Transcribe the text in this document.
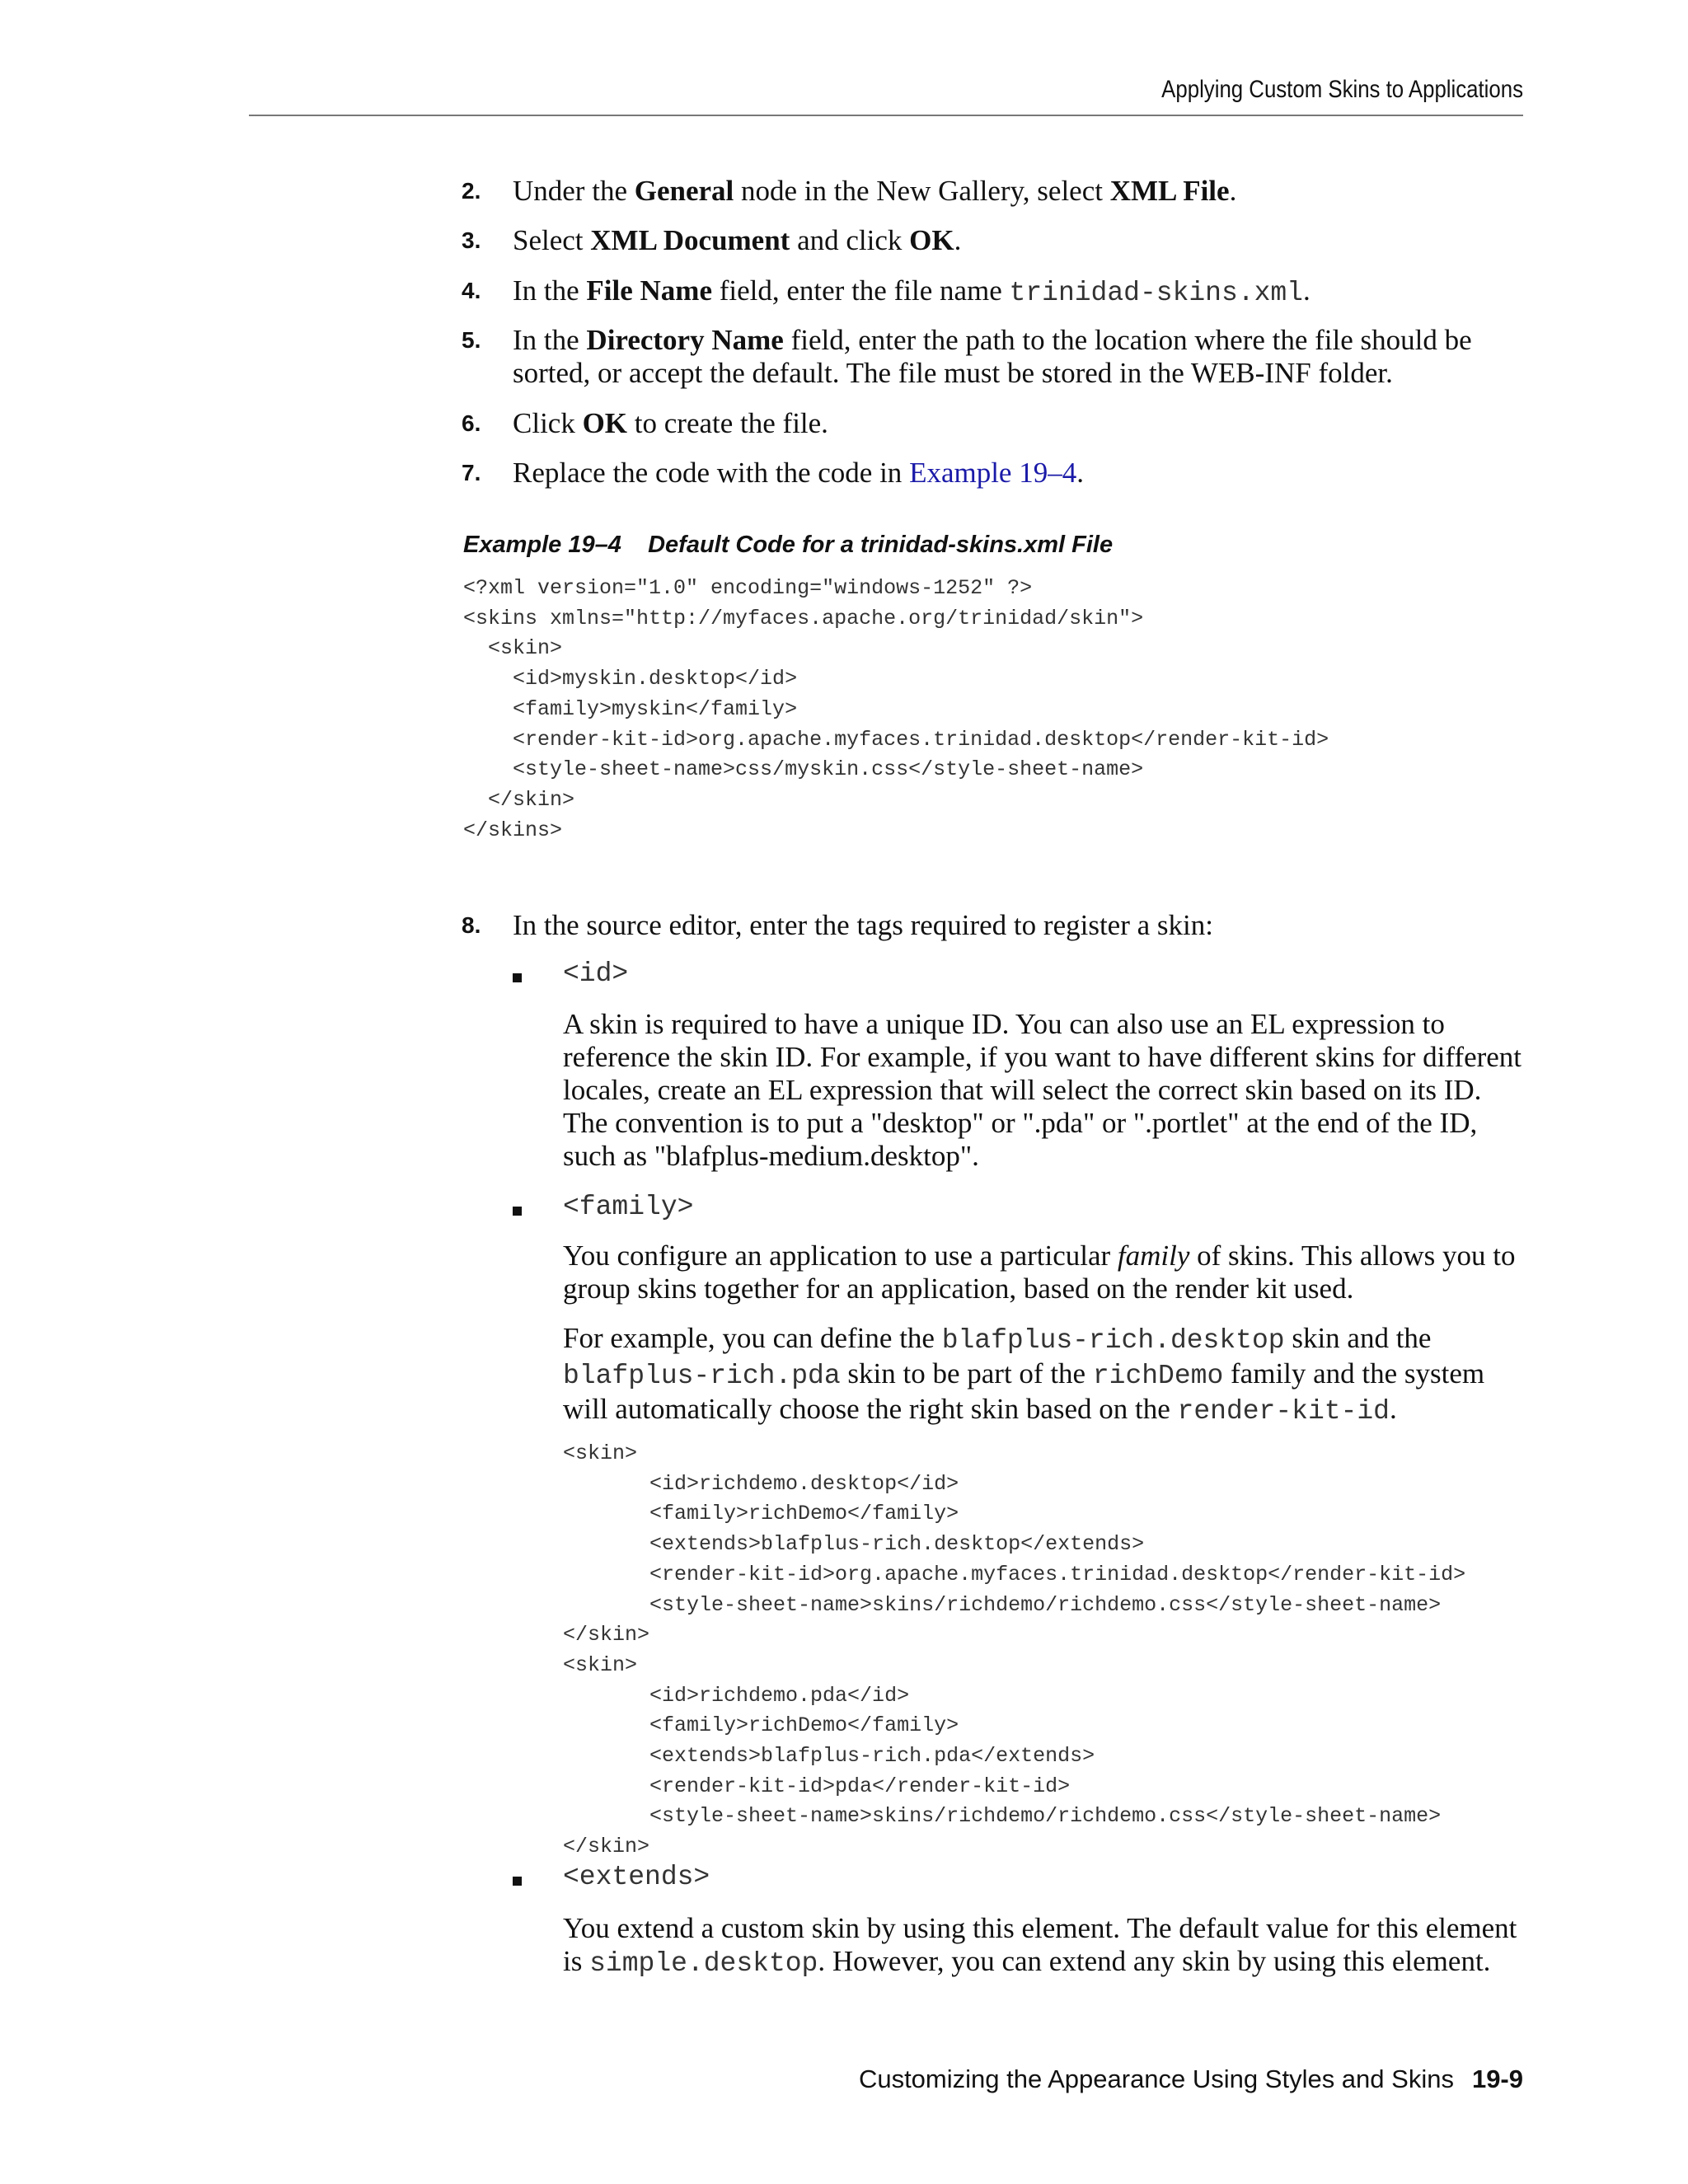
Applying Custom Skins to Applications
2. Under the General node in the New Gallery, select XML File.
3. Select XML Document and click OK.
4. In the File Name field, enter the file name trinidad-skins.xml.
5. In the Directory Name field, enter the path to the location where the file should be sorted, or accept the default. The file must be stored in the WEB-INF folder.
6. Click OK to create the file.
7. Replace the code with the code in Example 19–4.
Example 19–4 Default Code for a trinidad-skins.xml File
<?xml version="1.0" encoding="windows-1252" ?>
<skins xmlns="http://myfaces.apache.org/trinidad/skin">
<skin>
<id>myskin.desktop</id>
<family>myskin</family>
<render-kit-id>org.apache.myfaces.trinidad.desktop</render-kit-id>
<style-sheet-name>css/myskin.css</style-sheet-name>
</skin>
</skins>
8. In the source editor, enter the tags required to register a skin:
<id>
A skin is required to have a unique ID. You can also use an EL expression to reference the skin ID. For example, if you want to have different skins for different locales, create an EL expression that will select the correct skin based on its ID. The convention is to put a "desktop" or ".pda" or ".portlet" at the end of the ID, such as "blafplus-medium.desktop".
<family>
You configure an application to use a particular family of skins. This allows you to group skins together for an application, based on the render kit used.
For example, you can define the blafplus-rich.desktop skin and the blafplus-rich.pda skin to be part of the richDemo family and the system will automatically choose the right skin based on the render-kit-id.
<skin>
<id>richdemo.desktop</id>
<family>richDemo</family>
<extends>blafplus-rich.desktop</extends>
<render-kit-id>org.apache.myfaces.trinidad.desktop</render-kit-id>
<style-sheet-name>skins/richdemo/richdemo.css</style-sheet-name>
</skin>
<skin>
<id>richdemo.pda</id>
<family>richDemo</family>
<extends>blafplus-rich.pda</extends>
<render-kit-id>pda</render-kit-id>
<style-sheet-name>skins/richdemo/richdemo.css</style-sheet-name>
</skin>
<extends>
You extend a custom skin by using this element. The default value for this element is simple.desktop. However, you can extend any skin by using this element.
Customizing the Appearance Using Styles and Skins 19-9
